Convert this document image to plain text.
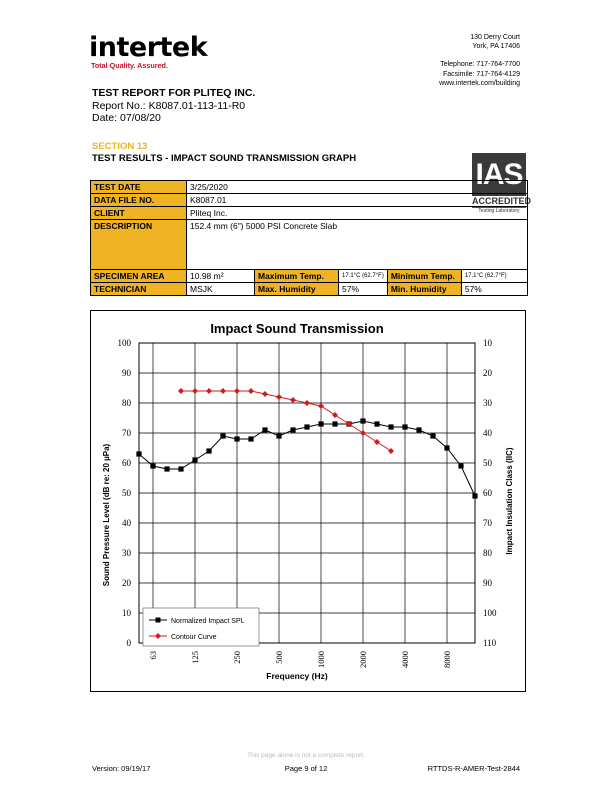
intertek
Total Quality. Assured.
130 Derry Court
York, PA 17406
Telephone: 717-764-7700
Facsimile: 717-764-4129
www.intertek.com/building
TEST REPORT FOR PLITEQ INC.
Report No.: K8087.01-113-11-R0
Date: 07/08/20
SECTION 13
TEST RESULTS - IMPACT SOUND TRANSMISSION GRAPH	IAS
ACCREDITED
Testing Laboratory
TEST DATE	3/25/2020				
DATA FILE NO.	K8087.01				
CLIENT	Pliteq Inc.				
DESCRIPTION	152.4 mm (6") 5000 PSI Concrete Slab				
SPECIMEN AREA	10.98 m²	Maximum Temp.	17.1°C (62.7°F)	Minimum Temp.	17.1°C (62.7°F)
TECHNICIAN	MSJK	Max. Humidity	57%	Min. Humidity	57%
Impact Sound Transmission
0
10
20
30
40
50
60
70
80
90
100
110
100
90
80
70
60
50
40
30
20
10
63	125	250	500	1000	2000	4000	8000
Frequency (Hz)
Sound Pressure Level (dB re: 20 µPa)	Impact Insulation Class (IIC)
Normalized Impact SPL
Contour Curve
This page alone is not a complete report.
Version: 09/19/17	Page 9 of 12	RTTDS-R-AMER-Test-2844
